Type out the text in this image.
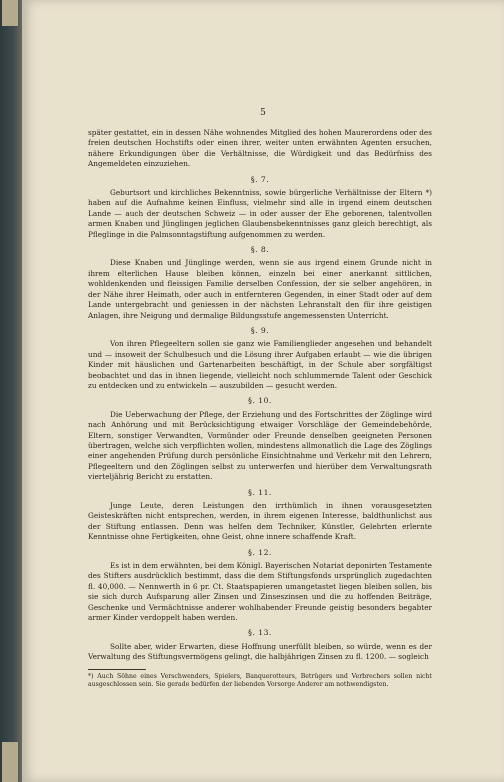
5

später gestattet, ein in dessen Nähe wohnendes Mitglied des hohen Maurerordens oder des freien deutschen Hochstifts oder einen ihrer, weiter unten erwähnten Agenten ersuchen, nähere Erkundigungen über die Verhältnisse, die Würdigkeit und das Bedürfniss des Angemeldeten einzuziehen.

§. 7.

Geburtsort und kirchliches Bekenntniss, sowie bürgerliche Verhältnisse der Eltern *) haben auf die Aufnahme keinen Einfluss, vielmehr sind alle in irgend einem deutschen Lande — auch der deutschen Schweiz — in oder ausser der Ehe geborenen, talentvollen armen Knaben und Jünglingen jeglichen Glaubensbekenntnisses ganz gleich berechtigt, als Pfleglinge in die Palmsonntagstiftung aufgenommen zu werden.

§. 8.

Diese Knaben und Jünglinge werden, wenn sie aus irgend einem Grunde nicht in ihrem elterlichen Hause bleiben können, einzeln bei einer anerkannt sittlichen, wohldenkenden und fleissigen Familie derselben Confession, der sie selber angehören, in der Nähe ihrer Heimath, oder auch in entfernteren Gegenden, in einer Stadt oder auf dem Lande untergebracht und geniessen in der nächsten Lehranstalt den für ihre geistigen Anlagen, ihre Neigung und dermalige Bildungsstufe angemessensten Unterricht.

§. 9.

Von ihren Pflegeeltern sollen sie ganz wie Familienglieder angesehen und behandelt und — insoweit der Schulbesuch und die Lösung ihrer Aufgaben erlaubt — wie die übrigen Kinder mit häuslichen und Gartenarbeiten beschäftigt, in der Schule aber sorgfältigst beobachtet und das in ihnen liegende, vielleicht noch schlummernde Talent oder Geschick zu entdecken und zu entwickeln — auszubilden — gesucht werden.

§. 10.

Die Ueberwachung der Pflege, der Erziehung und des Fortschrittes der Zöglinge wird nach Anhörung und mit Berücksichtigung etwaiger Vorschläge der Gemeindebehörde, Eltern, sonstiger Verwandten, Vormünder oder Freunde denselben geeigneten Personen übertragen, welche sich verpflichten wollen, mindestens allmonatlich die Lage des Zöglings einer angehenden Prüfung durch persönliche Einsichtnahme und Verkehr mit den Lehrern, Pflegeeltern und den Zöglingen selbst zu unterwerfen und hierüber dem Verwaltungsrath vierteljährig Bericht zu erstatten.

§. 11.

Junge Leute, deren Leistungen den irrthümlich in ihnen vorausgesetzten Geisteskräften nicht entsprechen, werden, in ihrem eigenen Interesse, baldthunlichst aus der Stiftung entlassen. Denn was helfen dem Techniker, Künstler, Gelehrten erlernte Kenntnisse ohne Fertigkeiten, ohne Geist, ohne innere schaffende Kraft.

§. 12.

Es ist in dem erwähnten, bei dem Königl. Bayerischen Notariat deponirten Testamente des Stifters ausdrücklich bestimmt, dass die dem Stiftungsfonds ursprünglich zugedachten fl. 40,000. — Nennwerth in 6 pr. Ct. Staatspapieren umangetastet liegen bleiben sollen, bis sie sich durch Aufsparung aller Zinsen und Zinseszinsen und die zu hoffenden Beiträge, Geschenke und Vermächtnisse anderer wohlhabender Freunde geistig besonders begabter armer Kinder verdoppelt haben werden.

§. 13.

Sollte aber, wider Erwarten, diese Hoffnung unerfüllt bleiben, so würde, wenn es der Verwaltung des Stiftungsvermögens gelingt, die halbjährigen Zinsen zu fl. 1200. — sogleich

*) Auch Söhne eines Verschwenders, Spielers, Banquerotteurs, Betrügers und Verbrechers sollen nicht ausgeschlossen sein. Sie gerade bedürfen der liebenden Vorsorge Anderer am nothwendigsten.
